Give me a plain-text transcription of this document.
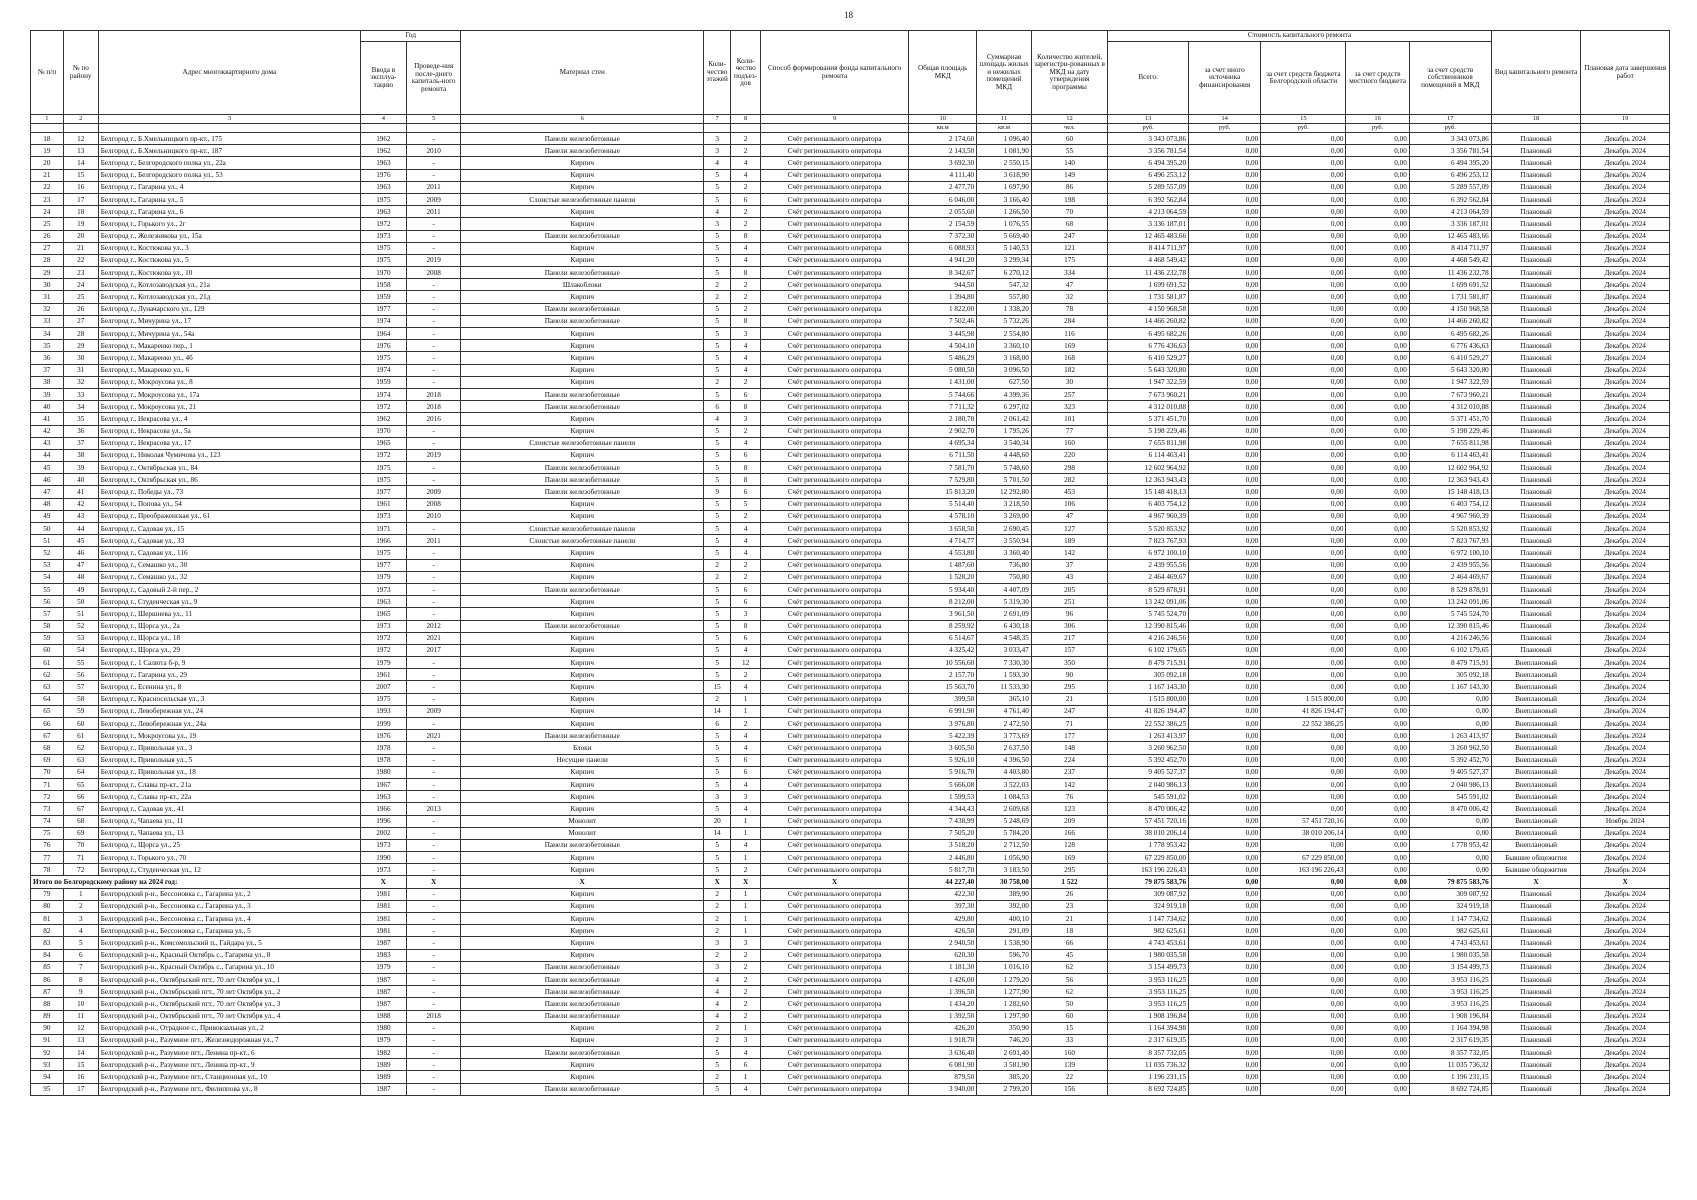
18
№ п/п	№ по району	Адрес многоквартирного дома	Год		Материал стен	Коли-чество этажей	Коли-чество подъез-дов	Способ формирования фонда капитального ремонта	Общая площадь МКД	Суммарная площадь жилых и нежилых помещений МКД	Количество жителей, зарегистри-рованных в МКД на дату утверждения программы	Стоимость капитального ремонта					Вид капитального ремонта	Плановая дата завершения работ
			Ввода в эксплуа-тацию	Проведе-ния после-днего капиталь-ного ремонта								Всего:	за счет иного источника финансирования	за счет средств бюджета Белгородской области	за счет средств местного бюджета	за счет средств собственников помещений в МКД		
1	2	3	4	5	6	7	8	9	10	11	12	13	14	15	16	17	18	19
									кв.м	кв.м	чел.	руб.	руб.	руб.	руб.	руб.		
18	12	Белгород г., Б.Хмельницкого пр-кт., 175	1962	-	Панели железобетонные	3	2	Счёт регионального оператора	2 174,60	1 096,40	60	3 343 073,86	0,00	0,00	0,00	3 343 073,86	Плановый	Декабрь 2024
19	13	Белгород г., Б.Хмельницкого пр-кт., 187	1962	2010	Панели железобетонные	3	2	Счёт регионального оператора	2 143,50	1 081,90	55	3 356 781,54	0,00	0,00	0,00	3 356 781,54	Плановый	Декабрь 2024
20	14	Белгород г., Белгородского полка ул., 22а	1963	-	Кирпич	4	4	Счёт регионального оператора	3 692,30	2 550,15	140	6 494 395,20	0,00	0,00	0,00	6 494 395,20	Плановый	Декабрь 2024
21	15	Белгород г., Белгородского полка ул., 53	1976	-	Кирпич	5	4	Счёт регионального оператора	4 111,40	3 618,90	149	6 496 253,12	0,00	0,00	0,00	6 496 253,12	Плановый	Декабрь 2024
22	16	Белгород г., Гагарина ул., 4	1963	2011	Кирпич	5	2	Счёт регионального оператора	2 477,70	1 697,90	86	5 289 557,09	0,00	0,00	0,00	5 289 557,09	Плановый	Декабрь 2024
23	17	Белгород г., Гагарина ул., 5	1975	2009	Слоистые железобетонные панели	5	6	Счёт регионального оператора	6 046,00	3 166,40	198	6 392 562,84	0,00	0,00	0,00	6 392 562,84	Плановый	Декабрь 2024
24	18	Белгород г., Гагарина ул., 6	1963	2011	Кирпич	4	2	Счёт регионального оператора	2 055,60	1 266,50	70	4 213 064,59	0,00	0,00	0,00	4 213 064,59	Плановый	Декабрь 2024
25	19	Белгород г., Горького ул., 2г	1972	-	Кирпич	3	2	Счёт регионального оператора	2 154,59	1 076,55	68	3 336 187,01	0,00	0,00	0,00	3 336 187,01	Плановый	Декабрь 2024
26	20	Белгород г., Железнякова ул., 15а	1973	-	Панели железобетонные	5	8	Счёт регионального оператора	7 372,30	5 669,40	247	12 465 483,66	0,00	0,00	0,00	12 465 483,66	Плановый	Декабрь 2024
27	21	Белгород г., Костюкова ул., 3	1975	-	Кирпич	5	4	Счёт регионального оператора	6 088,93	5 140,53	121	8 414 711,97	0,00	0,00	0,00	8 414 711,97	Плановый	Декабрь 2024
28	22	Белгород г., Костюкова ул., 5	1975	2019	Кирпич	5	4	Счёт регионального оператора	4 941,20	3 299,34	175	4 468 549,42	0,00	0,00	0,00	4 468 549,42	Плановый	Декабрь 2024
29	23	Белгород г., Костюкова ул., 10	1970	2008	Панели железобетонные	5	8	Счёт регионального оператора	8 342,67	6 270,12	334	11 436 232,78	0,00	0,00	0,00	11 436 232,78	Плановый	Декабрь 2024
30	24	Белгород г., Котлозаводская ул., 21а	1958	-	Шлакоблоки	2	2	Счёт регионального оператора	944,50	547,32	47	1 699 691,52	0,00	0,00	0,00	1 699 691,52	Плановый	Декабрь 2024
31	25	Белгород г., Котлозаводская ул., 21д	1959	-	Кирпич	2	2	Счёт регионального оператора	1 394,80	557,80	32	1 731 581,87	0,00	0,00	0,00	1 731 581,87	Плановый	Декабрь 2024
32	26	Белгород г., Луначарского ул., 129	1977	-	Панели железобетонные	5	2	Счёт регионального оператора	1 822,00	1 338,20	78	4 150 968,58	0,00	0,00	0,00	4 150 968,58	Плановый	Декабрь 2024
33	27	Белгород г., Мичурина ул., 17	1974	-	Панели железобетонные	5	8	Счёт регионального оператора	7 502,46	5 732,26	284	14 466 260,82	0,00	0,00	0,00	14 466 260,82	Плановый	Декабрь 2024
34	28	Белгород г., Мичурина ул., 54а	1964	-	Кирпич	5	3	Счёт регионального оператора	3 445,98	2 554,80	116	6 495 682,26	0,00	0,00	0,00	6 495 682,26	Плановый	Декабрь 2024
35	29	Белгород г., Макаренко пер., 1	1976	-	Кирпич	5	4	Счёт регионального оператора	4 504,10	3 360,10	169	6 776 436,63	0,00	0,00	0,00	6 776 436,63	Плановый	Декабрь 2024
36	30	Белгород г., Макаренко ул., 4б	1975	-	Кирпич	5	4	Счёт регионального оператора	5 486,29	3 168,00	168	6 410 529,27	0,00	0,00	0,00	6 410 529,27	Плановый	Декабрь 2024
37	31	Белгород г., Макаренко ул., 6	1974	-	Кирпич	5	4	Счёт регионального оператора	5 080,50	3 096,50	182	5 643 320,80	0,00	0,00	0,00	5 643 320,80	Плановый	Декабрь 2024
38	32	Белгород г., Мокроусова ул., 8	1959	-	Кирпич	2	2	Счёт регионального оператора	1 431,00	627,50	30	1 947 322,59	0,00	0,00	0,00	1 947 322,59	Плановый	Декабрь 2024
39	33	Белгород г., Мокроусова ул., 17а	1974	2018	Панели железобетонные	5	6	Счёт регионального оператора	5 744,66	4 399,36	257	7 673 960,21	0,00	0,00	0,00	7 673 960,21	Плановый	Декабрь 2024
40	34	Белгород г., Мокроусова ул., 21	1972	2018	Панели железобетонные	6	8	Счёт регионального оператора	7 711,32	6 297,02	323	4 312 010,88	0,00	0,00	0,00	4 312 010,88	Плановый	Декабрь 2024
41	35	Белгород г., Некрасова ул., 4	1962	2016	Кирпич	4	3	Счёт регионального оператора	2 180,78	2 061,42	101	5 371 451,70	0,00	0,00	0,00	5 371 451,70	Плановый	Декабрь 2024
42	36	Белгород г., Некрасова ул., 5а	1970	-	Кирпич	5	2	Счёт регионального оператора	2 902,70	1 795,26	77	5 198 229,46	0,00	0,00	0,00	5 198 229,46	Плановый	Декабрь 2024
43	37	Белгород г., Некрасова ул., 17	1965	-	Слоистые железобетонные панели	5	4	Счёт регионального оператора	4 695,34	3 540,34	160	7 655 811,98	0,00	0,00	0,00	7 655 811,98	Плановый	Декабрь 2024
44	38	Белгород г., Николая Чумичова ул., 123	1972	2019	Кирпич	5	6	Счёт регионального оператора	6 711,50	4 448,60	220	6 114 463,41	0,00	0,00	0,00	6 114 463,41	Плановый	Декабрь 2024
45	39	Белгород г., Октябрьская ул., 84	1975	-	Панели железобетонные	5	8	Счёт регионального оператора	7 581,70	5 748,60	298	12 602 964,92	0,00	0,00	0,00	12 602 964,92	Плановый	Декабрь 2024
46	40	Белгород г., Октябрьская ул., 86	1975	-	Панели железобетонные	5	8	Счёт регионального оператора	7 529,80	5 701,50	282	12 363 943,43	0,00	0,00	0,00	12 363 943,43	Плановый	Декабрь 2024
47	41	Белгород г., Победы ул., 73	1977	2009	Панели железобетонные	9	6	Счёт регионального оператора	15 813,20	12 292,80	453	15 148 418,13	0,00	0,00	0,00	15 148 418,13	Плановый	Декабрь 2024
48	42	Белгород г., Попова ул., 54	1961	2008	Кирпич	5	5	Счёт регионального оператора	5 514,40	3 218,50	106	6 403 754,12	0,00	0,00	0,00	6 403 754,12	Плановый	Декабрь 2024
49	43	Белгород г., Преображенская ул., 61	1973	2010	Кирпич	5	2	Счёт регионального оператора	4 578,10	3 269,00	47	4 967 960,39	0,00	0,00	0,00	4 967 960,39	Плановый	Декабрь 2024
50	44	Белгород г., Садовая ул., 15	1971	-	Слоистые железобетонные панели	5	4	Счёт регионального оператора	3 658,50	2 690,45	127	5 520 853,92	0,00	0,00	0,00	5 520 853,92	Плановый	Декабрь 2024
51	45	Белгород г., Садовая ул., 33	1966	2011	Слоистые железобетонные панели	5	4	Счёт регионального оператора	4 714,77	3 550,94	189	7 823 767,93	0,00	0,00	0,00	7 823 767,93	Плановый	Декабрь 2024
52	46	Белгород г., Садовая ул., 116	1975	-	Кирпич	5	4	Счёт регионального оператора	4 553,80	3 360,40	142	6 972 100,10	0,00	0,00	0,00	6 972 100,10	Плановый	Декабрь 2024
53	47	Белгород г., Семашко ул., 30	1977	-	Кирпич	2	2	Счёт регионального оператора	1 487,60	736,80	37	2 439 955,56	0,00	0,00	0,00	2 439 955,56	Плановый	Декабрь 2024
54	48	Белгород г., Семашко ул., 32	1979	-	Кирпич	2	2	Счёт регионального оператора	1 528,20	750,80	43	2 464 469,67	0,00	0,00	0,00	2 464 469,67	Плановый	Декабрь 2024
55	49	Белгород г., Садовый 2-й пер., 2	1973	-	Панели железобетонные	5	6	Счёт регионального оператора	5 934,40	4 407,09	205	8 529 878,91	0,00	0,00	0,00	8 529 878,91	Плановый	Декабрь 2024
56	50	Белгород г., Студенческая ул., 9	1963	-	Кирпич	5	6	Счёт регионального оператора	8 212,00	5 319,30	251	13 242 091,06	0,00	0,00	0,00	13 242 091,06	Плановый	Декабрь 2024
57	51	Белгород г., Шершнева ул., 11	1965	-	Кирпич	5	3	Счёт регионального оператора	3 961,50	2 691,09	96	5 745 524,70	0,00	0,00	0,00	5 745 524,70	Плановый	Декабрь 2024
58	52	Белгород г., Щорса ул., 2а	1973	2012	Панели железобетонные	5	8	Счёт регионального оператора	8 259,92	6 430,18	306	12 390 815,46	0,00	0,00	0,00	12 390 815,46	Плановый	Декабрь 2024
59	53	Белгород г., Щорса ул., 18	1972	2021	Кирпич	5	6	Счёт регионального оператора	6 514,67	4 548,35	217	4 216 246,56	0,00	0,00	0,00	4 216 246,56	Плановый	Декабрь 2024
60	54	Белгород г., Щорса ул., 29	1972	2017	Кирпич	5	4	Счёт регионального оператора	4 325,42	3 033,47	157	6 102 179,65	0,00	0,00	0,00	6 102 179,65	Плановый	Декабрь 2024
61	55	Белгород г., 1 Салюта б-р, 9	1979	-	Кирпич	5	12	Счёт регионального оператора	10 556,60	7 330,30	350	8 479 715,91	0,00	0,00	0,00	8 479 715,91	Внеплановый	Декабрь 2024
62	56	Белгород г., Гагарина ул., 29	1961	-	Кирпич	5	2	Счёт регионального оператора	2 157,70	1 593,30	90	305 092,18	0,00	0,00	0,00	305 092,18	Внеплановый	Декабрь 2024
63	57	Белгород г., Есенина ул., 8	2007	-	Кирпич	15	4	Счёт регионального оператора	15 563,70	11 533,30	295	1 167 143,30	0,00	0,00	0,00	1 167 143,30	Внеплановый	Декабрь 2024
64	58	Белгород г., Красносельская ул., 3	1975	-	Кирпич	2	1	Счёт регионального оператора	399,50	365,10	21	1 515 800,00	0,00	1 515 800,00	0,00	0,00	Внеплановый	Декабрь 2024
65	59	Белгород г., Левобережная ул., 24	1993	2009	Кирпич	14	1	Счёт регионального оператора	6 991,90	4 761,40	247	41 826 194,47	0,00	41 826 194,47	0,00	0,00	Внеплановый	Декабрь 2024
66	60	Белгород г., Левобережная ул., 24а	1999	-	Кирпич	6	2	Счёт регионального оператора	3 976,80	2 472,50	71	22 552 386,25	0,00	22 552 386,25	0,00	0,00	Внеплановый	Декабрь 2024
67	61	Белгород г., Мокроусова ул., 19	1976	2021	Панели железобетонные	5	4	Счёт регионального оператора	5 422,39	3 773,69	177	1 263 413,97	0,00	0,00	0,00	1 263 413,97	Внеплановый	Декабрь 2024
68	62	Белгород г., Привольная ул., 3	1978	-	Блоки	5	4	Счёт регионального оператора	3 605,50	2 637,50	148	3 260 962,50	0,00	0,00	0,00	3 260 962,50	Внеплановый	Декабрь 2024
69	63	Белгород г., Привольная ул., 5	1978	-	Несущие панели	5	6	Счёт регионального оператора	5 926,10	4 396,50	224	5 392 452,70	0,00	0,00	0,00	5 392 452,70	Внеплановый	Декабрь 2024
70	64	Белгород г., Привольная ул., 18	1980	-	Кирпич	5	6	Счёт регионального оператора	5 916,70	4 403,80	237	9 405 527,37	0,00	0,00	0,00	9 405 527,37	Внеплановый	Декабрь 2024
71	65	Белгород г., Славы пр-кт., 21а	1967	-	Кирпич	5	4	Счёт регионального оператора	5 666,08	3 522,03	142	2 040 986,13	0,00	0,00	0,00	2 040 986,13	Внеплановый	Декабрь 2024
72	66	Белгород г., Славы пр-кт., 22а	1963	-	Кирпич	3	3	Счёт регионального оператора	1 599,53	1 084,53	76	545 591,02	0,00	0,00	0,00	545 591,02	Внеплановый	Декабрь 2024
73	67	Белгород г., Садовая ул., 41	1966	2013	Кирпич	5	4	Счёт регионального оператора	4 344,43	2 609,68	123	8 470 006,42	0,00	0,00	0,00	8 470 006,42	Внеплановый	Декабрь 2024
74	68	Белгород г., Чапаева ул., 11	1996	-	Монолит	20	1	Счёт регионального оператора	7 438,99	5 248,69	209	57 451 720,16	0,00	57 451 720,16	0,00	0,00	Внеплановый	Ноябрь 2024
75	69	Белгород г., Чапаева ул., 13	2002	-	Монолит	14	1	Счёт регионального оператора	7 505,20	5 784,20	166	38 010 206,14	0,00	38 010 206,14	0,00	0,00	Внеплановый	Декабрь 2024
76	70	Белгород г., Щорса ул., 25	1973	-	Панели железобетонные	5	4	Счёт регионального оператора	3 518,20	2 712,50	128	1 778 953,42	0,00	0,00	0,00	1 778 953,42	Внеплановый	Декабрь 2024
77	71	Белгород г., Горького ул., 70	1990	-	Кирпич	5	1	Счёт регионального оператора	2 446,80	1 056,90	169	67 229 850,00	0,00	67 229 850,00	0,00	0,00	Бывшие общежития	Декабрь 2024
78	72	Белгород г., Студенческая ул., 12	1973	-	Кирпич	5	2	Счёт регионального оператора	5 817,70	3 183,50	295	163 196 226,43	0,00	163 196 226,43	0,00	0,00	Бывшие общежития	Декабрь 2024
Итого по Белгородскому району на 2024 год:			X	X	X	X	X	X	44 227,40	30 758,00	1 522	79 875 583,76	0,00	0,00	0,00	79 875 583,76	X	X
79	1	Белгородский р-н., Бессоновка с., Гагарина ул., 2	1981	-	Кирпич	2	1	Счёт регионального оператора	422,30	389,90	26	309 087,92	0,00	0,00	0,00	309 087,92	Плановый	Декабрь 2024
80	2	Белгородский р-н., Бессоновка с., Гагарина ул., 3	1981	-	Кирпич	2	1	Счёт регионального оператора	397,30	392,00	23	324 919,18	0,00	0,00	0,00	324 919,18	Плановый	Декабрь 2024
81	3	Белгородский р-н., Бессоновка с., Гагарина ул., 4	1981	-	Кирпич	2	1	Счёт регионального оператора	429,80	400,10	21	1 147 734,62	0,00	0,00	0,00	1 147 734,62	Плановый	Декабрь 2024
82	4	Белгородский р-н., Бессоновка с., Гагарина ул., 5	1981	-	Кирпич	2	1	Счёт регионального оператора	426,50	291,09	18	982 625,61	0,00	0,00	0,00	982 625,61	Плановый	Декабрь 2024
83	5	Белгородский р-н., Комсомольский п., Гайдара ул., 5	1987	-	Кирпич	3	3	Счёт регионального оператора	2 940,50	1 538,90	66	4 743 453,61	0,00	0,00	0,00	4 743 453,61	Плановый	Декабрь 2024
84	6	Белгородский р-н., Красный Октябрь с., Гагарина ул., 8	1983	-	Кирпич	2	2	Счёт регионального оператора	620,30	596,70	45	1 980 035,58	0,00	0,00	0,00	1 980 035,58	Плановый	Декабрь 2024
85	7	Белгородский р-н., Красный Октябрь с., Гагарина ул., 10	1979	-	Панели железобетонные	3	2	Счёт регионального оператора	1 181,30	1 016,10	62	3 154 499,73	0,00	0,00	0,00	3 154 499,73	Плановый	Декабрь 2024
86	8	Белгородский р-н., Октябрьский пгт., 70 лет Октября ул., 1	1987	-	Панели железобетонные	4	2	Счёт регионального оператора	1 426,00	1 279,20	56	3 953 116,25	0,00	0,00	0,00	3 953 116,25	Плановый	Декабрь 2024
87	9	Белгородский р-н., Октябрьский пгт., 70 лет Октября ул., 2	1987	-	Панели железобетонные	4	2	Счёт регионального оператора	1 396,50	1 277,90	62	3 953 116,25	0,00	0,00	0,00	3 953 116,25	Плановый	Декабрь 2024
88	10	Белгородский р-н., Октябрьский пгт., 70 лет Октября ул., 3	1987	-	Панели железобетонные	4	2	Счёт регионального оператора	1 434,20	1 282,60	50	3 953 116,25	0,00	0,00	0,00	3 953 116,25	Плановый	Декабрь 2024
89	11	Белгородский р-н., Октябрьский пгт., 70 лет Октября ул., 4	1988	2018	Панели железобетонные	4	2	Счёт регионального оператора	1 392,50	1 297,90	60	1 908 196,84	0,00	0,00	0,00	1 908 196,84	Плановый	Декабрь 2024
90	12	Белгородский р-н., Отрадное с., Привокзальная ул., 2	1980	-	Кирпич	2	1	Счёт регионального оператора	426,20	350,90	15	1 164 394,98	0,00	0,00	0,00	1 164 394,98	Плановый	Декабрь 2024
91	13	Белгородский р-н., Разумное пгт., Железнодорожная ул., 7	1979	-	Кирпич	2	3	Счёт регионального оператора	1 918,70	746,20	33	2 317 619,35	0,00	0,00	0,00	2 317 619,35	Плановый	Декабрь 2024
92	14	Белгородский р-н., Разумное пгт., Ленина пр-кт., 6	1982	-	Панели железобетонные	5	4	Счёт регионального оператора	3 636,40	2 691,40	160	8 357 732,05	0,00	0,00	0,00	8 357 732,05	Плановый	Декабрь 2024
93	15	Белгородский р-н., Разумное пгт., Ленина пр-кт., 9	1989	-	Кирпич	5	6	Счёт регионального оператора	6 081,90	3 581,90	139	11 035 736,32	0,00	0,00	0,00	11 035 736,32	Плановый	Декабрь 2024
94	16	Белгородский р-н., Разумное пгт., Станционная ул., 10	1989	-	Кирпич	2	1	Счёт регионального оператора	879,50	385,20	22	1 196 231,15	0,00	0,00	0,00	1 196 231,15	Плановый	Декабрь 2024
95	17	Белгородский р-н., Разумное пгт., Филиппова ул., 8	1987	-	Панели железобетонные	5	4	Счёт регионального оператора	3 940,00	2 799,20	156	8 692 724,85	0,00	0,00	0,00	8 692 724,85	Плановый	Декабрь 2024
